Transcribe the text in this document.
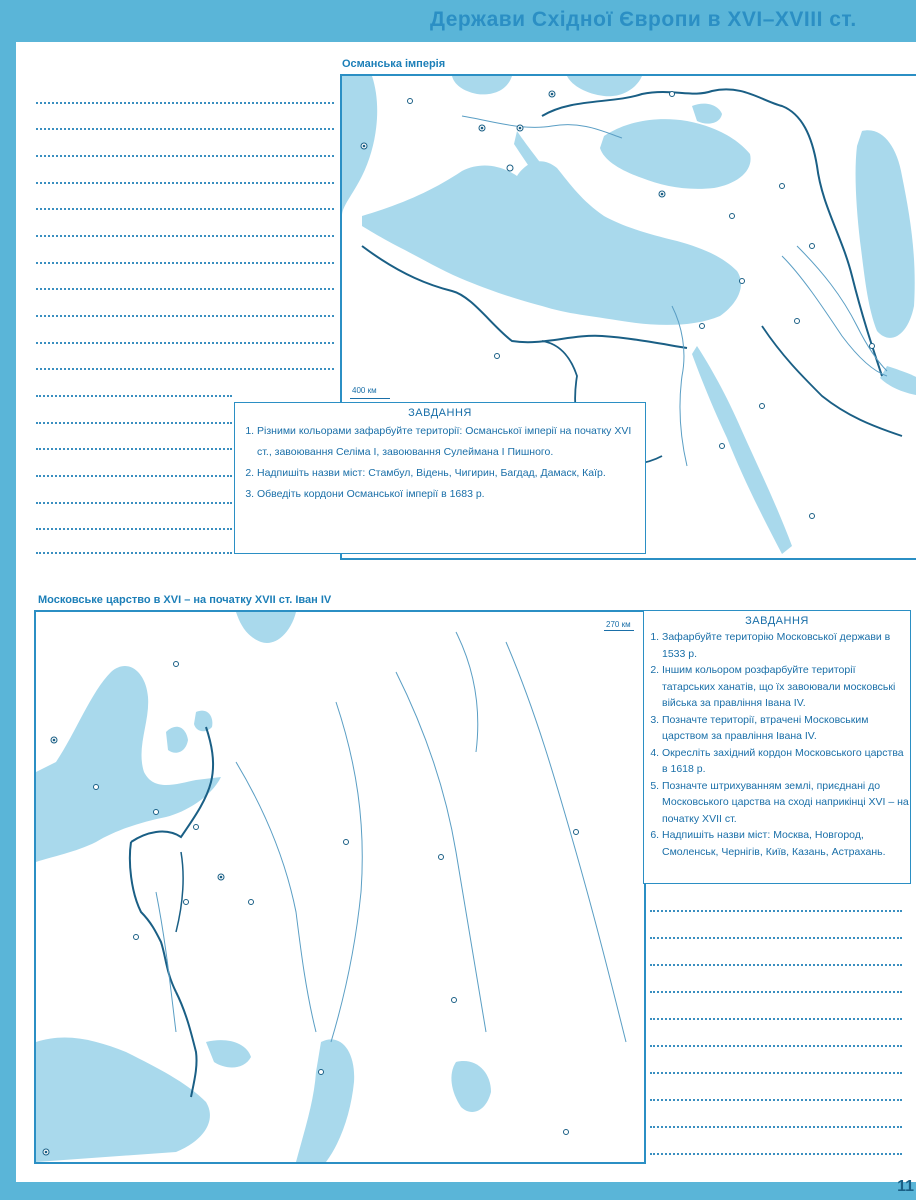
Держави Східної Європи в XVI–XVIII ст.
Османська імперія
400 км
ЗАВДАННЯ
1. Різними кольорами зафарбуйте території: Османської імперії на початку XVI ст., завоювання Селіма І, завоювання Сулеймана І Пишного.
2. Надпишіть назви міст: Стамбул, Відень, Чигирин, Багдад, Дамаск, Каїр.
3. Обведіть кордони Османської імперії в 1683 р.
Московське царство в XVI – на початку XVII ст. Іван IV
270 км	ЗАВДАННЯ
1. Зафарбуйте територію Московської держави в 1533 р.
2. Іншим кольором розфарбуйте території татарських ханатів, що їх завоювали московські війська за правління Івана IV.
3. Позначте території, втрачені Московським царством за правління Івана IV.
4. Окресліть західний кордон Московського царства в 1618 р.
5. Позначте штрихуванням землі, приєднані до Московського царства на сході наприкінці XVI – на початку XVII ст.
6. Надпишіть назви міст: Москва, Новгород, Смоленськ, Чернігів, Київ, Казань, Астрахань.
11
